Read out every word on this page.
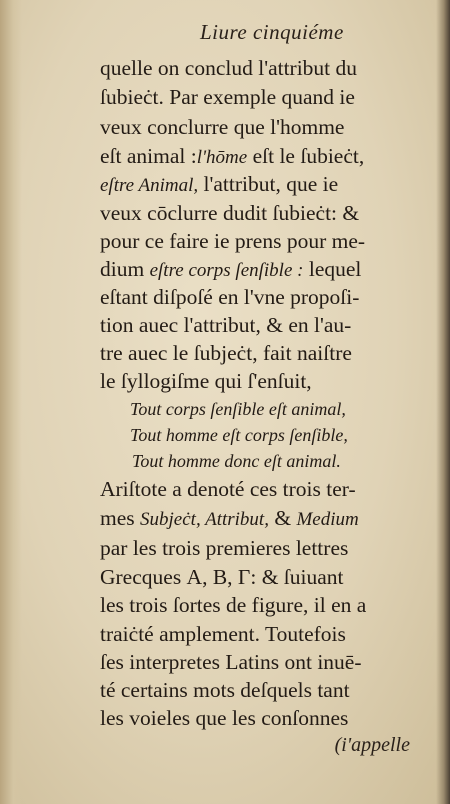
Liure cinquiéme
quelle on conclud l'attribut du
ſubieċt. Par exemple quand ie
veux conclurre que l'homme
eſt animal :l'hōme eſt le ſubieċt,
eſtre Animal, l'attribut, que ie
veux cōclurre dudit ſubieċt: &
pour ce faire ie prens pour me-
dium eſtre corps ſenſible : lequel
eſtant diſpoſé en l'vne propoſi-
tion auec l'attribut, & en l'au-
tre auec le ſubjeċt, fait naiſtre
le ſyllogiſme qui ſ'enſuit,
Tout corps ſenſible eſt animal,
Tout homme eſt corps ſenſible,
Tout homme donc eſt animal.
Ariſtote a denoté ces trois ter-
mes Subjeċt, Attribut, & Medium
par les trois premieres lettres
Grecques Α, Β, Γ: & ſuiuant
les trois ſortes de figure, il en a
traiċté amplement. Toutefois
ſes interpretes Latins ont inuē-
té certains mots deſquels tant
les voieles que les conſonnes
(i'appelle
